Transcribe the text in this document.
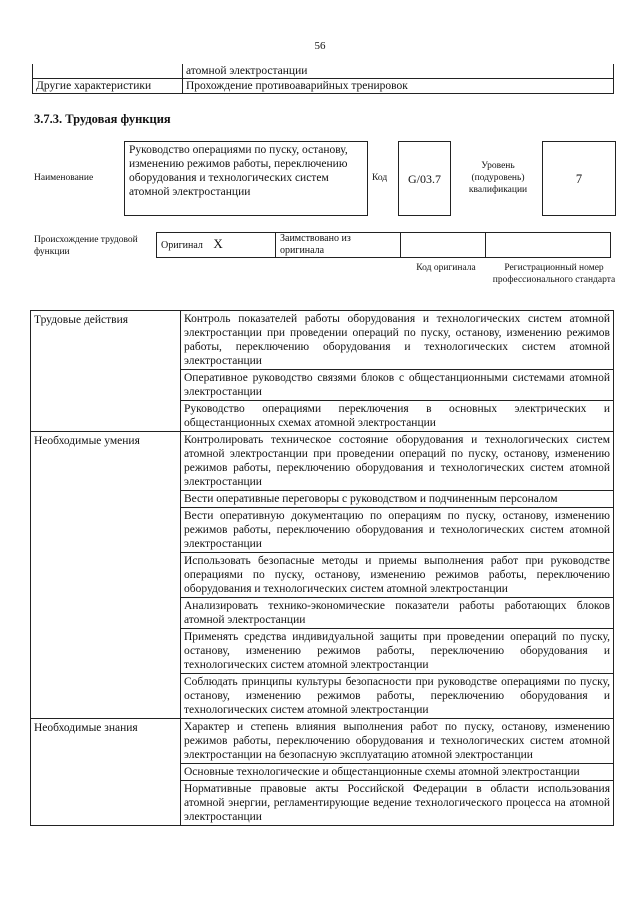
56
	атомной электростанции
Другие характеристики	Прохождение противоаварийных тренировок
3.7.3. Трудовая функция
Наименование
Руководство операциями по пуску, останову, изменению режимов работы, переключению оборудования и технологических систем атомной электростанции
Код	G/03.7
Уровень (подуровень) квалификации
7
Происхождение трудовой функции
Оригинал X	Заимствовано из оригинала		
Код оригинала	Регистрационный номер профессионального стандарта
Трудовые действия	Контроль показателей работы оборудования и технологических систем атомной электростанции при проведении операций по пуску, останову, изменению режимов работы, переключению оборудования и технологических систем атомной электростанции
	Оперативное руководство связями блоков с общестанционными системами атомной электростанции
	Руководство операциями переключения в основных электрических и общестанционных схемах атомной электростанции
Необходимые умения	Контролировать техническое состояние оборудования и технологических систем атомной электростанции при проведении операций по пуску, останову, изменению режимов работы, переключению оборудования и технологических систем атомной электростанции
	Вести оперативные переговоры с руководством и подчиненным персоналом
	Вести оперативную документацию по операциям по пуску, останову, изменению режимов работы, переключению оборудования и технологических систем атомной электростанции
	Использовать безопасные методы и приемы выполнения работ при руководстве операциями по пуску, останову, изменению режимов работы, переключению оборудования и технологических систем атомной электростанции
	Анализировать технико-экономические показатели работы работающих блоков атомной электростанции
	Применять средства индивидуальной защиты при проведении операций по пуску, останову, изменению режимов работы, переключению оборудования и технологических систем атомной электростанции
	Соблюдать принципы культуры безопасности при руководстве операциями по пуску, останову, изменению режимов работы, переключению оборудования и технологических систем атомной электростанции
Необходимые знания	Характер и степень влияния выполнения работ по пуску, останову, изменению режимов работы, переключению оборудования и технологических систем атомной электростанции на безопасную эксплуатацию атомной электростанции
	Основные технологические и общестанционные схемы атомной электростанции
	Нормативные правовые акты Российской Федерации в области использования атомной энергии, регламентирующие ведение технологического процесса на атомной электростанции
